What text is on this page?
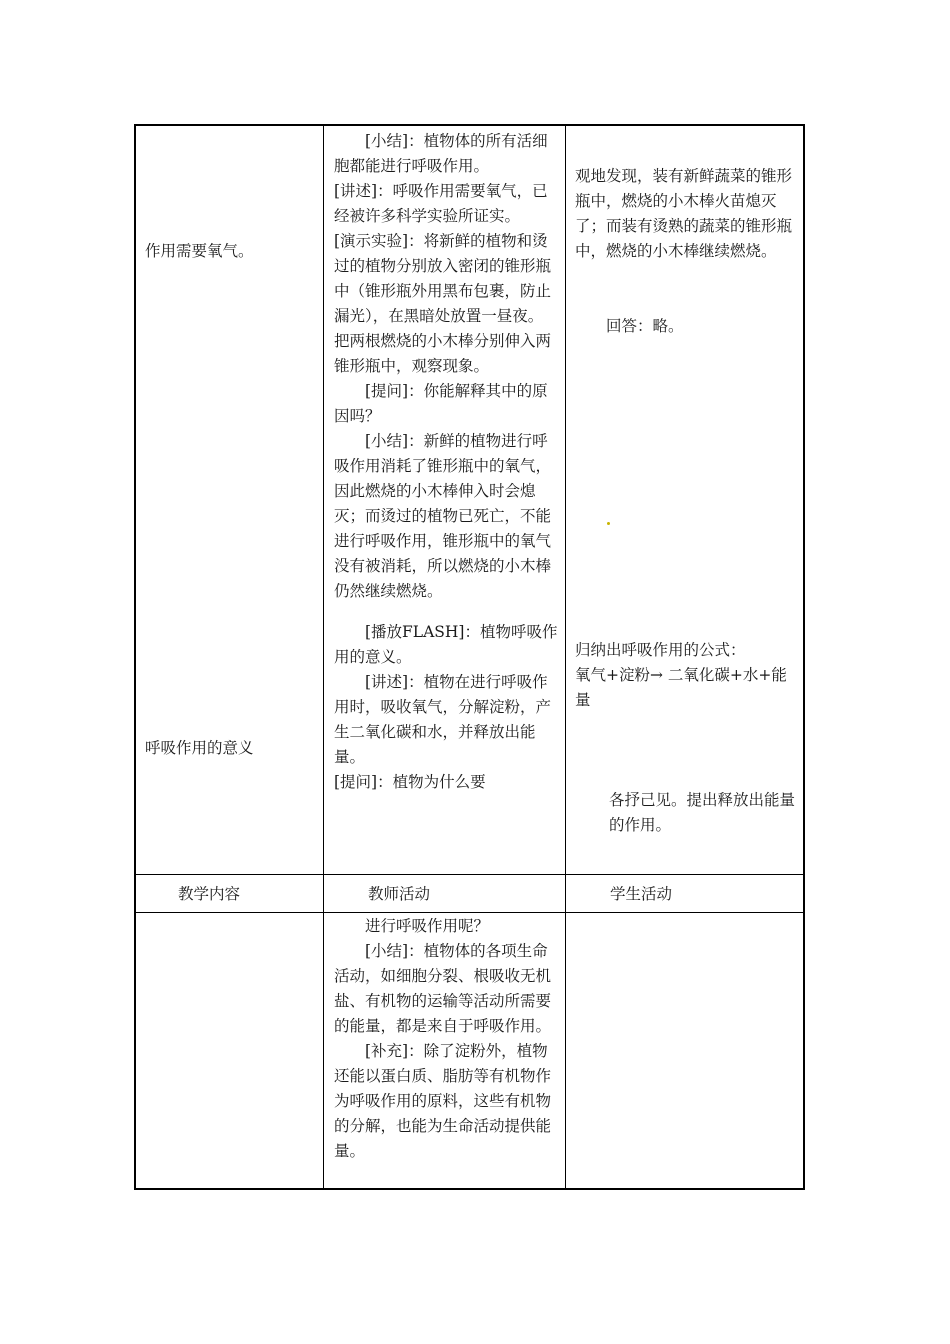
作用需要氧气。
呼吸作用的意义

[小结]：植物体的所有活细胞都能进行呼吸作用。

[讲述]：呼吸作用需要氧气，已经被许多科学实验所证实。

[演示实验]：将新鲜的植物和烫过的植物分别放入密闭的锥形瓶中（锥形瓶外用黑布包裹，防止漏光），在黑暗处放置一昼夜。把两根燃烧的小木棒分别伸入两锥形瓶中，观察现象。

[提问]：你能解释其中的原因吗？

[小结]：新鲜的植物进行呼吸作用消耗了锥形瓶中的氧气，因此燃烧的小木棒伸入时会熄灭；而烫过的植物已死亡，不能进行呼吸作用，锥形瓶中的氧气没有被消耗，所以燃烧的小木棒仍然继续燃烧。

[播放FLASH]：植物呼吸作用的意义。

[讲述]：植物在进行呼吸作用时，吸收氧气，分解淀粉，产生二氧化碳和水，并释放出能量。

[提问]：植物为什么要

观地发现，装有新鲜蔬菜的锥形瓶中，燃烧的小木棒火苗熄灭了；而装有烫熟的蔬菜的锥形瓶中，燃烧的小木棒继续燃烧。
回答：略。
归纳出呼吸作用的公式：
氧气+淀粉→ 二氧化碳+水+能量
各抒己见。提出释放出能量的作用。
教学内容	教师活动	学生活动

进行呼吸作用呢？

[小结]：植物体的各项生命活动，如细胞分裂、根吸收无机盐、有机物的运输等活动所需要的能量，都是来自于呼吸作用。

[补充]：除了淀粉外，植物还能以蛋白质、脂肪等有机物作为呼吸作用的原料，这些有机物的分解，也能为生命活动提供能量。
